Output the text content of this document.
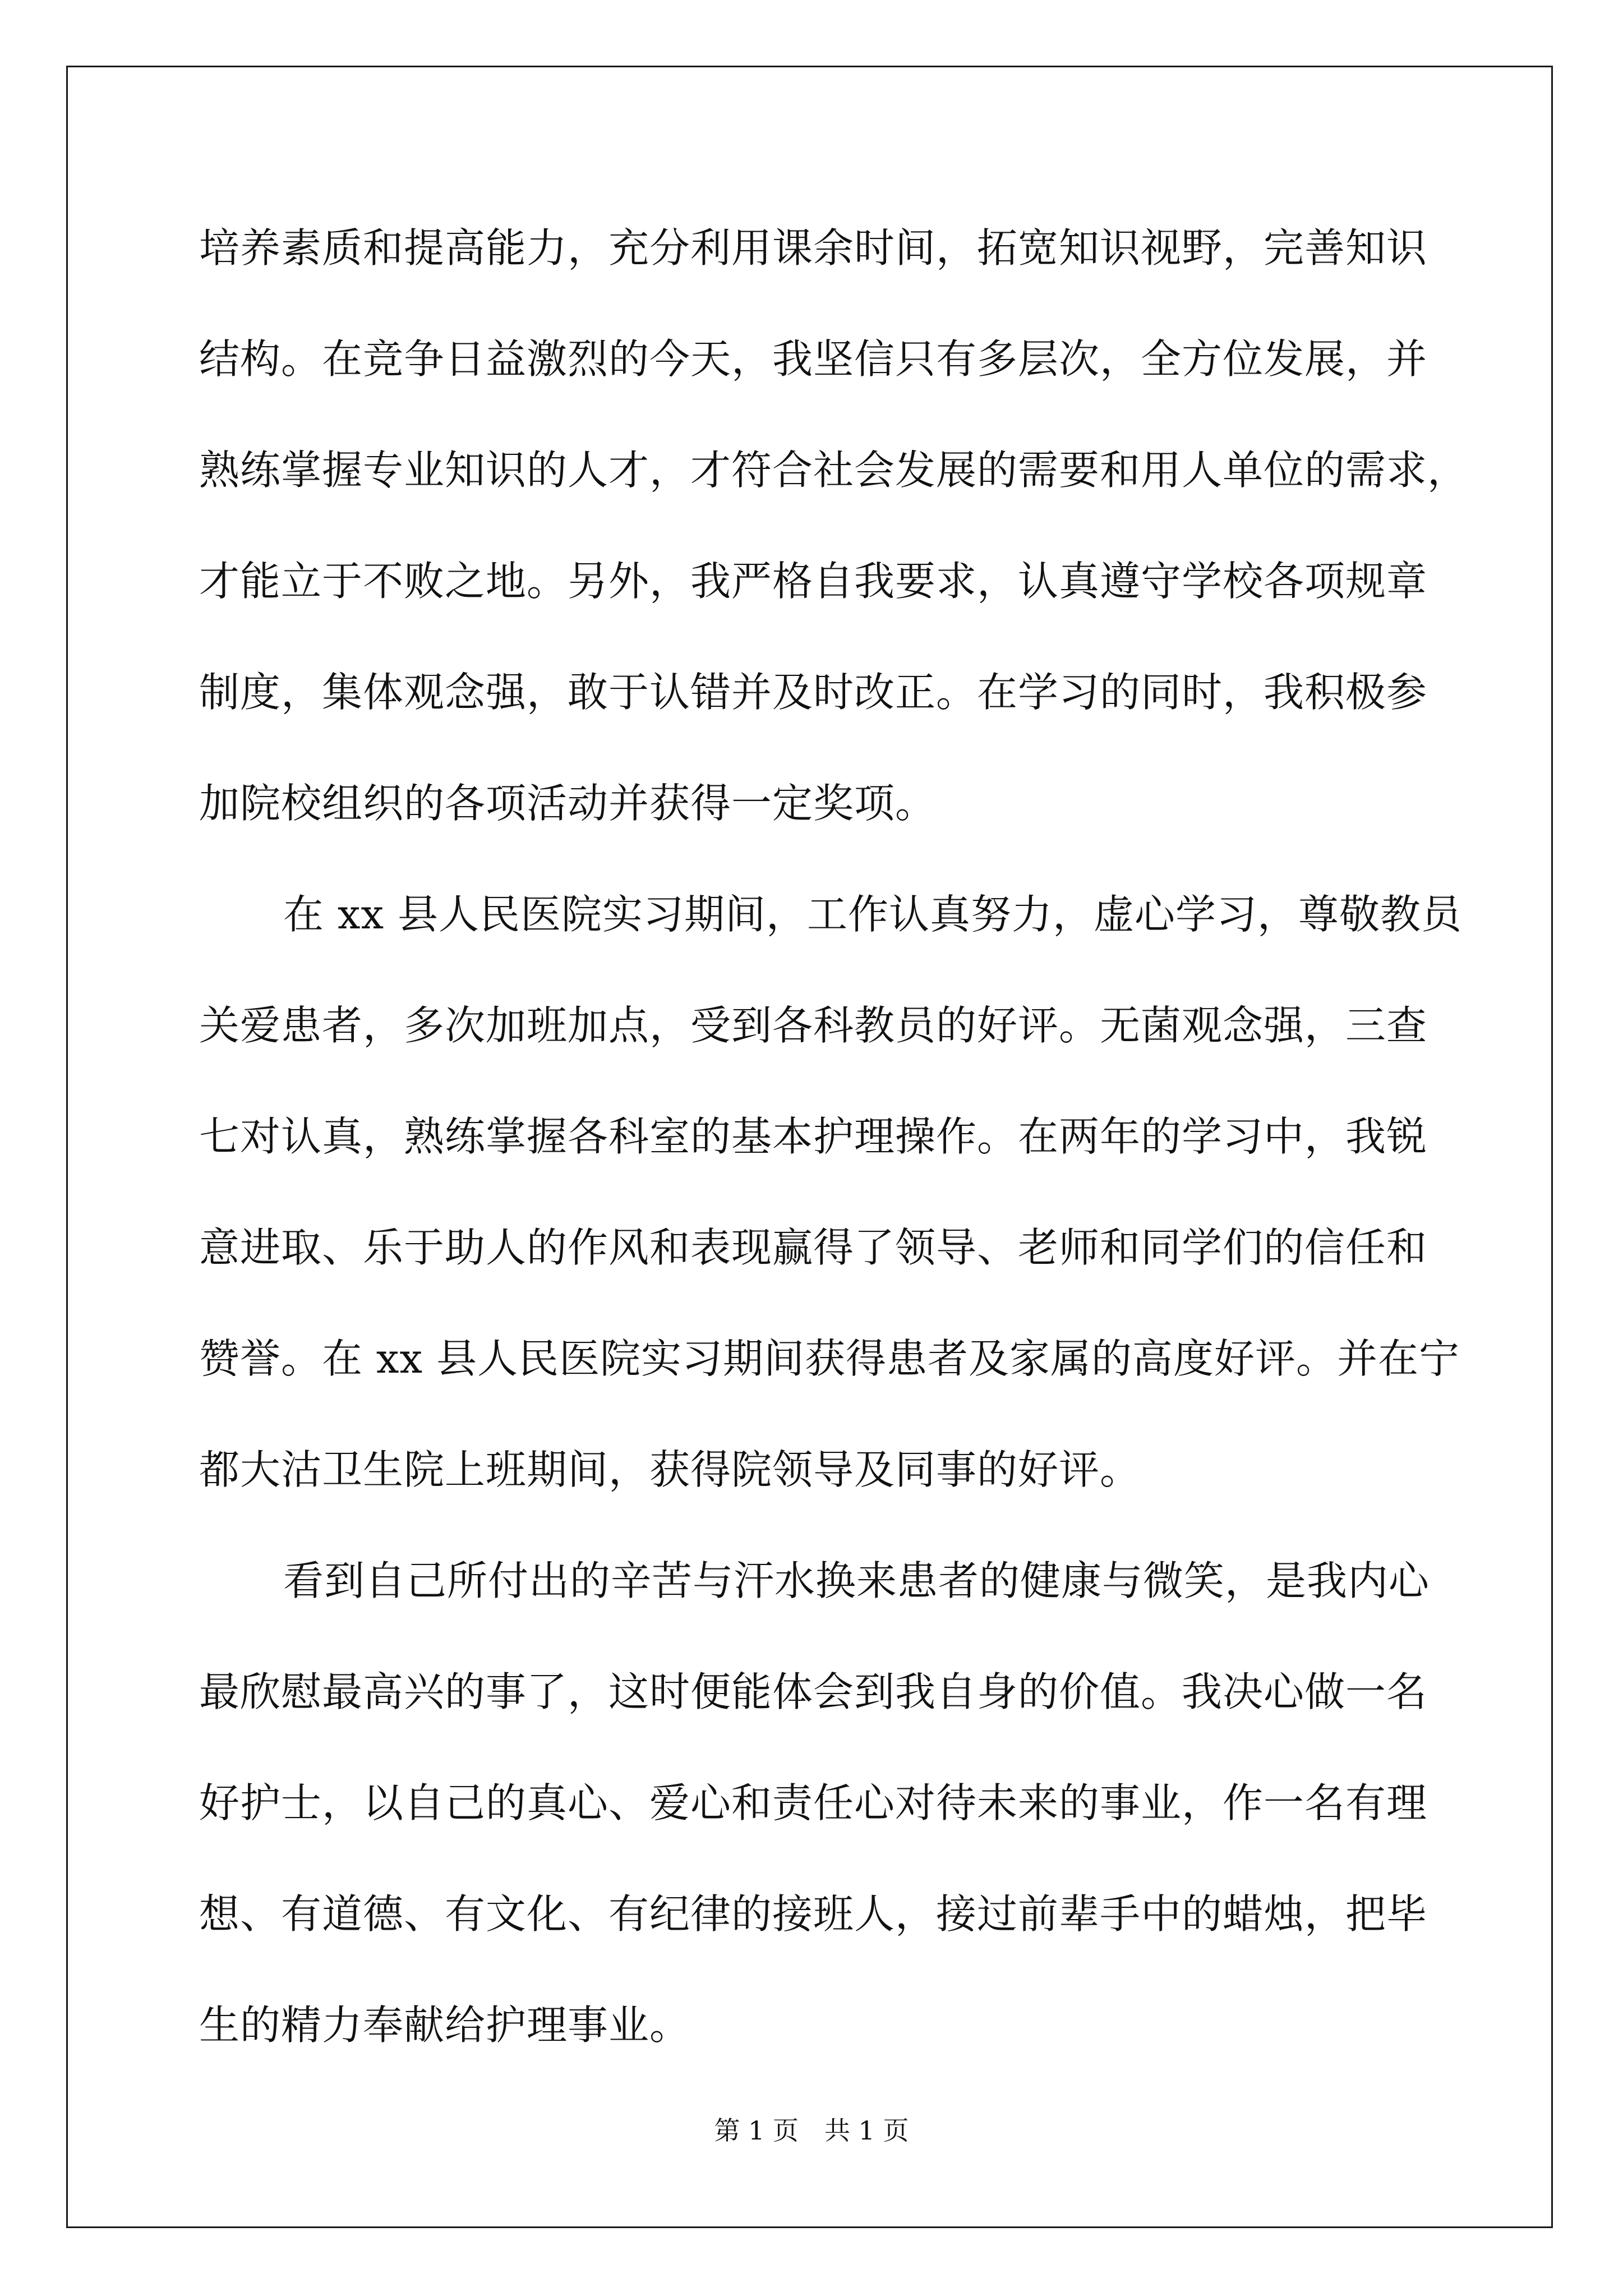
培养素质和提高能力，充分利用课余时间，拓宽知识视野，完善知识
结构。在竞争日益激烈的今天，我坚信只有多层次，全方位发展，并
熟练掌握专业知识的人才，才符合社会发展的需要和用人单位的需求，
才能立于不败之地。另外，我严格自我要求，认真遵守学校各项规章
制度，集体观念强，敢于认错并及时改正。在学习的同时，我积极参
加院校组织的各项活动并获得一定奖项。
在 xx 县人民医院实习期间，工作认真努力，虚心学习，尊敬教员
关爱患者，多次加班加点，受到各科教员的好评。无菌观念强，三查
七对认真，熟练掌握各科室的基本护理操作。在两年的学习中，我锐
意进取、乐于助人的作风和表现赢得了领导、老师和同学们的信任和
赞誉。在 xx 县人民医院实习期间获得患者及家属的高度好评。并在宁
都大沽卫生院上班期间，获得院领导及同事的好评。
看到自己所付出的辛苦与汗水换来患者的健康与微笑，是我内心
最欣慰最高兴的事了，这时便能体会到我自身的价值。我决心做一名
好护士，以自己的真心、爱心和责任心对待未来的事业，作一名有理
想、有道德、有文化、有纪律的接班人，接过前辈手中的蜡烛，把毕
生的精力奉献给护理事业。
第 1 页　共 1 页
